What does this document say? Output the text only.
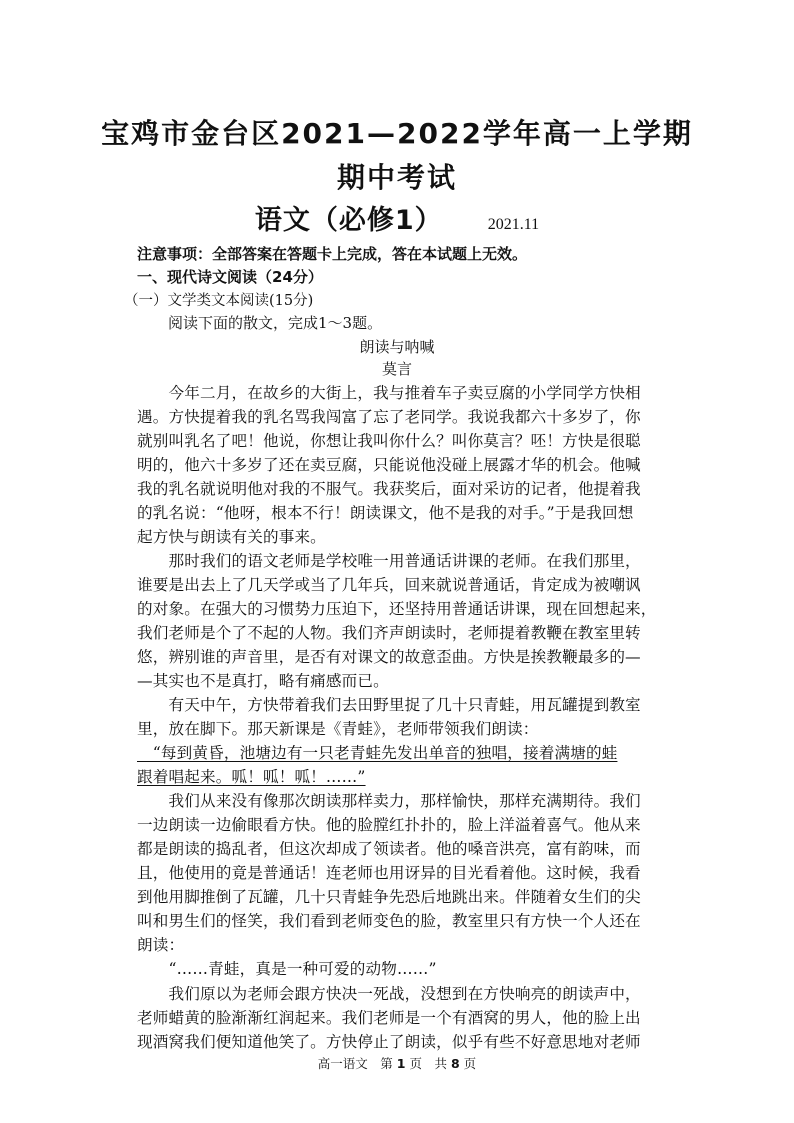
宝鸡市金台区2021—2022学年高一上学期
期中考试
语文（必修1）	2021.11
注意事项：全部答案在答题卡上完成，答在本试题上无效。
一、现代诗文阅读（24分）
（一）文学类文本阅读(15分)
阅读下面的散文，完成1～3题。
朗读与呐喊
莫言
　　今年二月，在故乡的大街上，我与推着车子卖豆腐的小学同学方快相
遇。方快提着我的乳名骂我闯富了忘了老同学。我说我都六十多岁了，你
就别叫乳名了吧！他说，你想让我叫你什么？叫你莫言？呸！方快是很聪
明的，他六十多岁了还在卖豆腐，只能说他没碰上展露才华的机会。他喊
我的乳名就说明他对我的不服气。我获奖后，面对采访的记者，他提着我
的乳名说：“他呀，根本不行！朗读课文，他不是我的对手。”于是我回想
起方快与朗读有关的事来。
　　那时我们的语文老师是学校唯一用普通话讲课的老师。在我们那里，
谁要是出去上了几天学或当了几年兵，回来就说普通话，肯定成为被嘲讽
的对象。在强大的习惯势力压迫下，还坚持用普通话讲课，现在回想起来，
我们老师是个了不起的人物。我们齐声朗读时，老师提着教鞭在教室里转
悠，辨别谁的声音里，是否有对课文的故意歪曲。方快是挨教鞭最多的—
—其实也不是真打，略有痛感而已。
　　有天中午，方快带着我们去田野里捉了几十只青蛙，用瓦罐提到教室
里，放在脚下。那天新课是《青蛙》，老师带领我们朗读：
　“每到黄昏，池塘边有一只老青蛙先发出单音的独唱，接着满塘的蛙
跟着唱起来。呱！呱！呱！……”
　　我们从来没有像那次朗读那样卖力，那样愉快，那样充满期待。我们
一边朗读一边偷眼看方快。他的脸膛红扑扑的，脸上洋溢着喜气。他从来
都是朗读的捣乱者，但这次却成了领读者。他的嗓音洪亮，富有韵味，而
且，他使用的竟是普通话！连老师也用讶异的目光看着他。这时候，我看
到他用脚推倒了瓦罐，几十只青蛙争先恐后地跳出来。伴随着女生们的尖
叫和男生们的怪笑，我们看到老师变色的脸，教室里只有方快一个人还在
朗读：
　　“……青蛙，真是一种可爱的动物……”
　　我们原以为老师会跟方快决一死战，没想到在方快响亮的朗读声中，
老师蜡黄的脸渐渐红润起来。我们老师是一个有酒窝的男人，他的脸上出
现酒窝我们便知道他笑了。方快停止了朗读，似乎有些不好意思地对老师
高一语文　第 1 页　共 8 页
